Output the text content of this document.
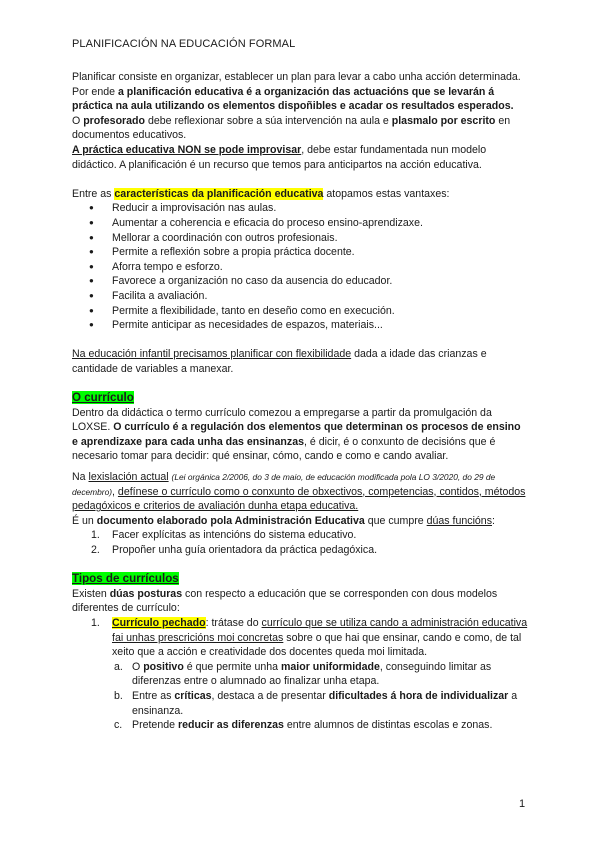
PLANIFICACIÓN NA EDUCACIÓN FORMAL

Planificar consiste en organizar, establecer un plan para levar a cabo unha acción determinada. Por ende a planificación educativa é a organización das actuacións que se levarán á práctica na aula utilizando os elementos dispoñibles e acadar os resultados esperados.

O profesorado debe reflexionar sobre a súa intervención na aula e plasmalo por escrito en documentos educativos.

A práctica educativa NON se pode improvisar, debe estar fundamentada nun modelo didáctico. A planificación é un recurso que temos para anticipartos na acción educativa.

Entre as características da planificación educativa atopamos estas vantaxes:

● Reducir a improvisación nas aulas.
● Aumentar a coherencia e eficacia do proceso ensino-aprendizaxe.
● Mellorar a coordinación con outros profesionais.
● Permite a reflexión sobre a propia práctica docente.
● Aforra tempo e esforzo.
● Favorece a organización no caso da ausencia do educador.
● Facilita a avaliación.
● Permite a flexibilidade, tanto en deseño como en execución.
● Permite anticipar as necesidades de espazos, materiais...

Na educación infantil precisamos planificar con flexibilidade dada a idade das crianzas e cantidade de variables a manexar.

O currículo

Dentro da didáctica o termo currículo comezou a empregarse a partir da promulgación da LOXSE. O currículo é a regulación dos elementos que determinan os procesos de ensino e aprendizaxe para cada unha das ensinanzas, é dicir, é o conxunto de decisións que é necesario tomar para decidir: qué ensinar, cómo, cando e como e cando avaliar.

Na lexislación actual (Lei orgánica 2/2006, do 3 de maio, de educación modificada pola LO 3/2020, do 29 de decembro), defínese o currículo como o conxunto de obxectivos, competencias, contidos, métodos pedagóxicos e criterios de avaliación dunha etapa educativa.

É un documento elaborado pola Administración Educativa que cumpre dúas funcións:

1. Facer explícitas as intencións do sistema educativo.
2. Propoñer unha guía orientadora da práctica pedagóxica.

Tipos de currículos

Existen dúas posturas con respecto a educación que se corresponden con dous modelos diferentes de currículo:

1. Currículo pechado: trátase do currículo que se utiliza cando a administración educativa fai unhas prescricións moi concretas sobre o que hai que ensinar, cando e como, de tal xeito que a acción e creatividade dos docentes queda moi limitada.
a. O positivo é que permite unha maior uniformidade, conseguindo limitar as diferenzas entre o alumnado ao finalizar unha etapa.
b. Entre as críticas, destaca a de presentar dificultades á hora de individualizar a ensinanza.
c. Pretende reducir as diferenzas entre alumnos de distintas escolas e zonas.
1
